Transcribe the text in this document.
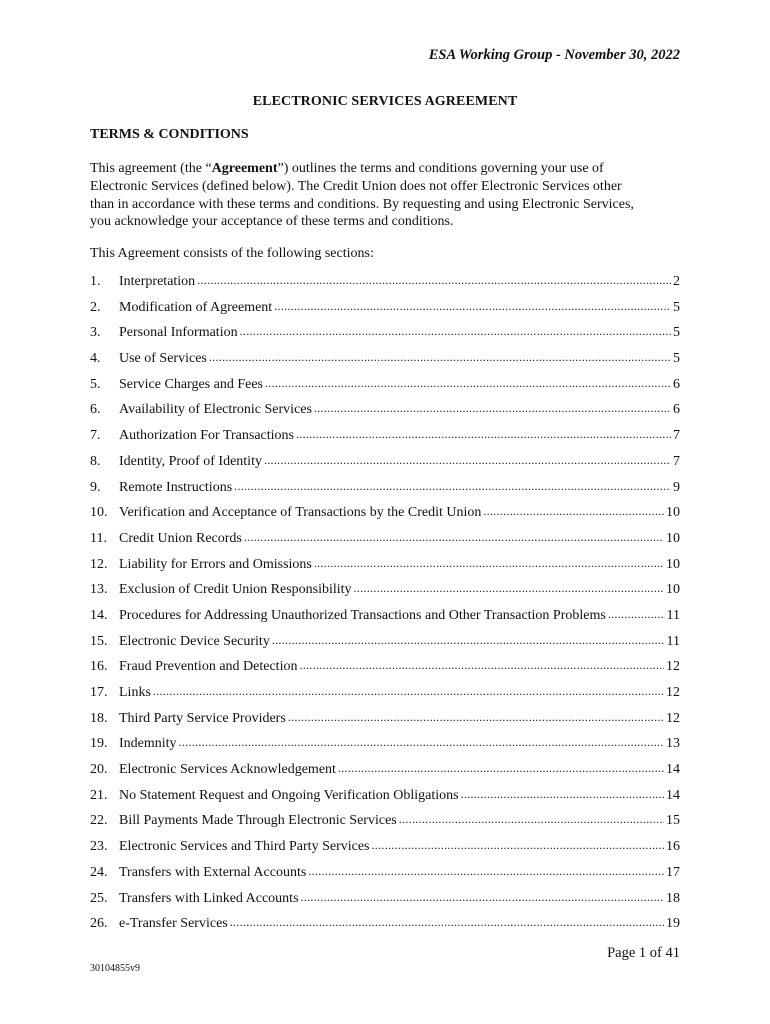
ESA Working Group - November 30, 2022
ELECTRONIC SERVICES AGREEMENT
TERMS & CONDITIONS
This agreement (the “Agreement”) outlines the terms and conditions governing your use of
Electronic Services (defined below). The Credit Union does not offer Electronic Services other
than in accordance with these terms and conditions. By requesting and using Electronic Services,
you acknowledge your acceptance of these terms and conditions.
This Agreement consists of the following sections:
1.	Interpretation .....	2
2.	Modification of Agreement .....	5
3.	Personal Information .....	5
4.	Use of Services .....	5
5.	Service Charges and Fees .....	6
6.	Availability of Electronic Services .....	6
7.	Authorization For Transactions .....	7
8.	Identity, Proof of Identity .....	7
9.	Remote Instructions .....	9
10. Verification and Acceptance of Transactions by the Credit Union .....	10
11. Credit Union Records .....	10
12. Liability for Errors and Omissions .....	10
13. Exclusion of Credit Union Responsibility .....	10
14. Procedures for Addressing Unauthorized Transactions and Other Transaction Problems .....	11
15. Electronic Device Security .....	11
16. Fraud Prevention and Detection .....	12
17. Links .....	12
18. Third Party Service Providers .....	12
19. Indemnity .....	13
20. Electronic Services Acknowledgement .....	14
21. No Statement Request and Ongoing Verification Obligations .....	14
22. Bill Payments Made Through Electronic Services .....	15
23. Electronic Services and Third Party Services .....	16
24. Transfers with External Accounts .....	17
25. Transfers with Linked Accounts .....	18
26. e-Transfer Services .....	19
Page 1 of 41
30104855v9
